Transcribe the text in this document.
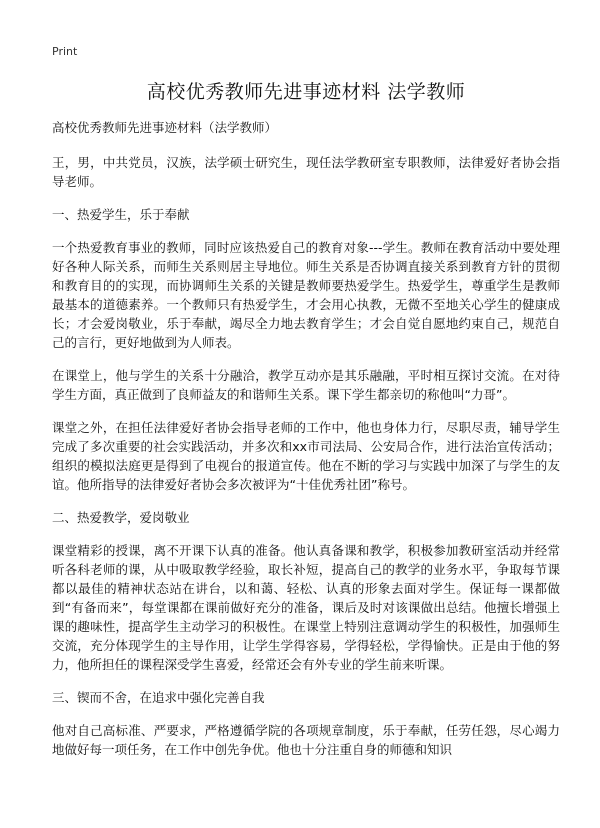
Print
高校优秀教师先进事迹材料 法学教师

高校优秀教师先进事迹材料（法学教师）

王，男，中共党员，汉族，法学硕士研究生，现任法学教研室专职教师，法律爱好者协会指导老师。

一、热爱学生，乐于奉献

一个热爱教育事业的教师，同时应该热爱自己的教育对象---学生。教师在教育活动中要处理好各种人际关系，而师生关系则居主导地位。师生关系是否协调直接关系到教育方针的贯彻和教育目的的实现，而协调师生关系的关键是教师要热爱学生。热爱学生，尊重学生是教师最基本的道德素养。一个教师只有热爱学生，才会用心执教，无微不至地关心学生的健康成长；才会爱岗敬业，乐于奉献，竭尽全力地去教育学生；才会自觉自愿地约束自己，规范自己的言行，更好地做到为人师表。

在课堂上，他与学生的关系十分融洽，教学互动亦是其乐融融，平时相互探讨交流。在对待学生方面，真正做到了良师益友的和谐师生关系。课下学生都亲切的称他叫“力哥”。

课堂之外，在担任法律爱好者协会指导老师的工作中，他也身体力行，尽职尽责，辅导学生完成了多次重要的社会实践活动，并多次和xx市司法局、公安局合作，进行法治宣传活动；组织的模拟法庭更是得到了电视台的报道宣传。他在不断的学习与实践中加深了与学生的友谊。他所指导的法律爱好者协会多次被评为“十佳优秀社团”称号。

二、热爱教学，爱岗敬业

课堂精彩的授课，离不开课下认真的准备。他认真备课和教学，积极参加教研室活动并经常听各科老师的课，从中吸取教学经验，取长补短，提高自己的教学的业务水平，争取每节课都以最佳的精神状态站在讲台，以和蔼、轻松、认真的形象去面对学生。保证每一课都做到“有备而来”，每堂课都在课前做好充分的准备，课后及时对该课做出总结。他擅长增强上课的趣味性，提高学生主动学习的积极性。在课堂上特别注意调动学生的积极性，加强师生交流，充分体现学生的主导作用，让学生学得容易，学得轻松，学得愉快。正是由于他的努力，他所担任的课程深受学生喜爱，经常还会有外专业的学生前来听课。

三、锲而不舍，在追求中强化完善自我

他对自己高标准、严要求，严格遵循学院的各项规章制度，乐于奉献，任劳任怨，尽心竭力地做好每一项任务，在工作中创先争优。他也十分注重自身的师德和知识
